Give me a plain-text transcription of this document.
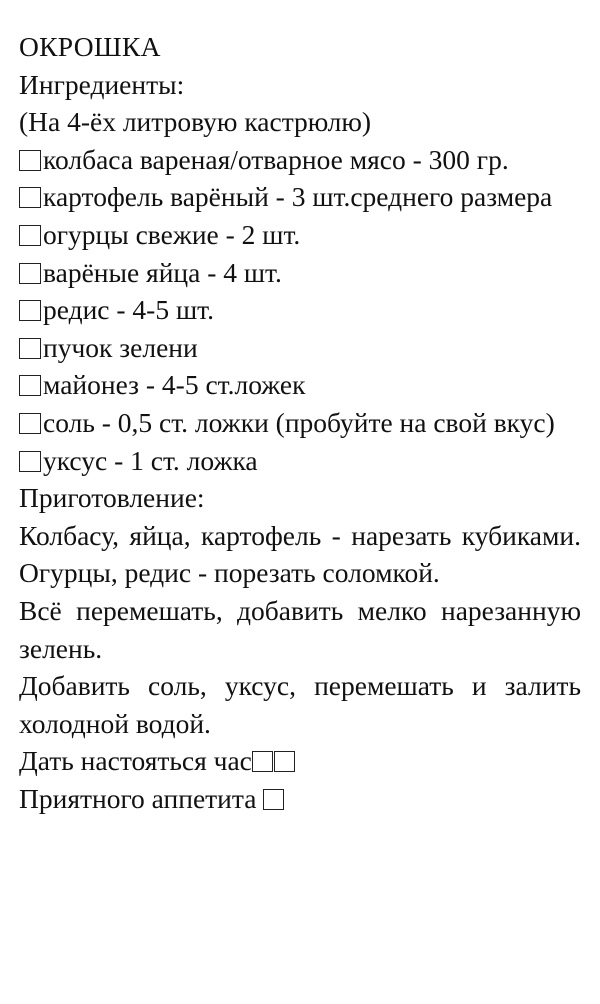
ОКРОШКА
Ингредиенты:
(На 4-ёх литровую кастрюлю)
колбаса вареная/отварное мясо - 300 гр.
картофель варёный - 3 шт.среднего размера
огурцы свежие - 2 шт.
варёные яйца - 4 шт.
редис - 4-5 шт.
пучок зелени
майонез - 4-5 ст.ложек
соль - 0,5 ст. ложки (пробуйте на свой вкус)
уксус - 1 ст. ложка
Приготовление:
Колбасу, яйца, картофель - нарезать кубиками. Огурцы, редис - порезать соломкой.
Всё перемешать, добавить мелко нарезанную зелень.
Добавить соль, уксус, перемешать и залить холодной водой.
Дать настояться час
Приятного аппетита
